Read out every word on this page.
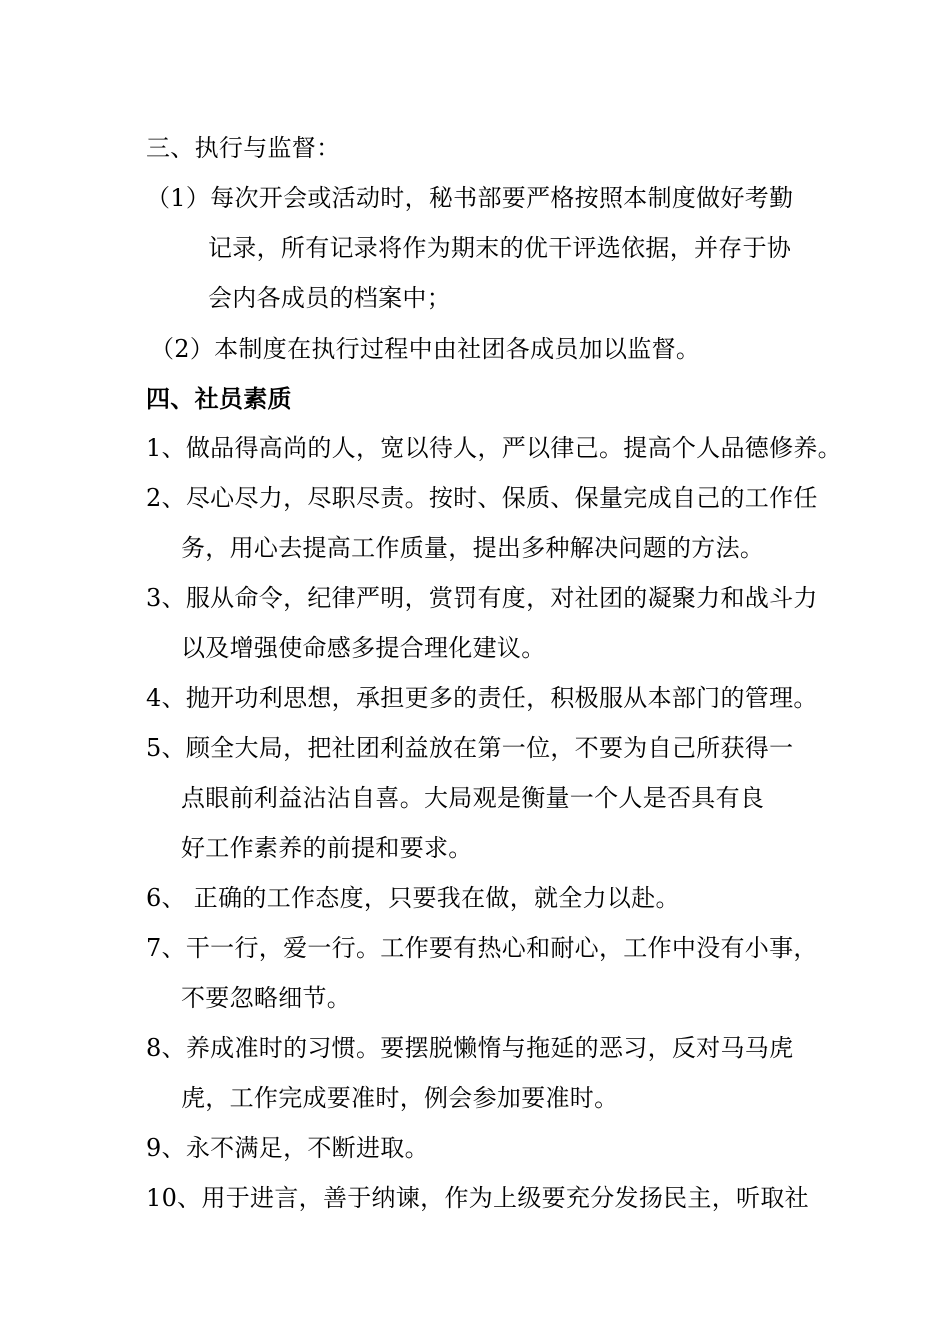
三、执行与监督：
（1）每次开会或活动时，秘书部要严格按照本制度做好考勤
记录，所有记录将作为期末的优干评选依据，并存于协
会内各成员的档案中；
（2）本制度在执行过程中由社团各成员加以监督。
四、社员素质
1、做品得高尚的人，宽以待人，严以律己。提高个人品德修养。
2、尽心尽力，尽职尽责。按时、保质、保量完成自己的工作任
务，用心去提高工作质量，提出多种解决问题的方法。
3、服从命令，纪律严明，赏罚有度，对社团的凝聚力和战斗力
以及增强使命感多提合理化建议。
4、抛开功利思想，承担更多的责任，积极服从本部门的管理。
5、顾全大局，把社团利益放在第一位，不要为自己所获得一
点眼前利益沾沾自喜。大局观是衡量一个人是否具有良
好工作素养的前提和要求。
6、 正确的工作态度，只要我在做，就全力以赴。
7、干一行，爱一行。工作要有热心和耐心，工作中没有小事，
不要忽略细节。
8、养成准时的习惯。要摆脱懒惰与拖延的恶习，反对马马虎
虎，工作完成要准时，例会参加要准时。
9、永不满足，不断进取。
10、用于进言，善于纳谏，作为上级要充分发扬民主，听取社
